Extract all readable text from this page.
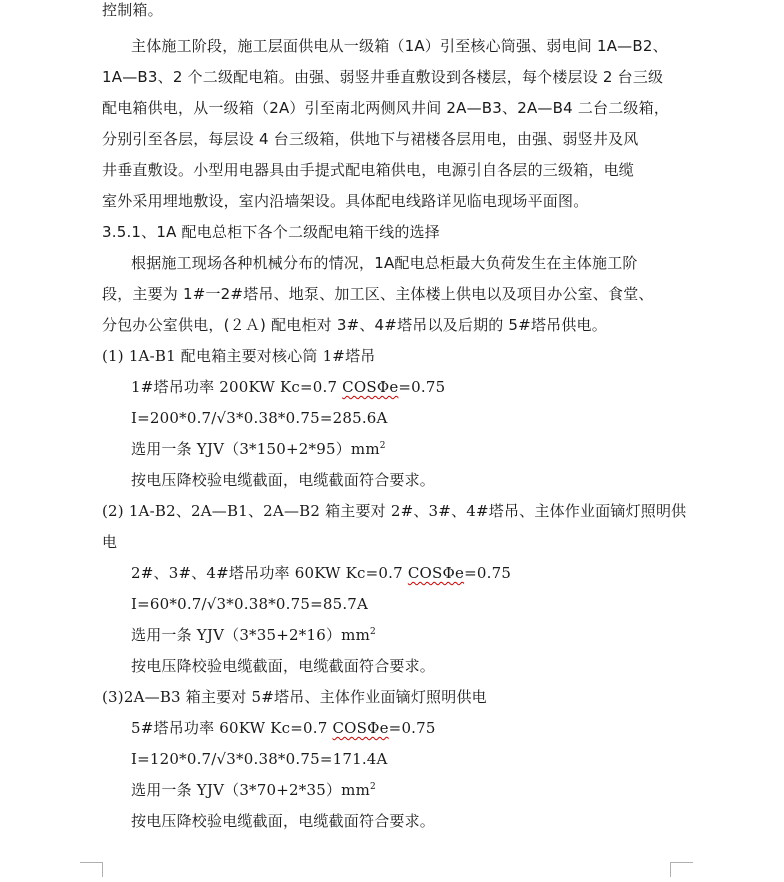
控制箱。
主体施工阶段，施工层面供电从一级箱（1A）引至核心筒强、弱电间 1A—B2、
1A—B3、2 个二级配电箱。由强、弱竖井垂直敷设到各楼层，每个楼层设 2 台三级
配电箱供电，从一级箱（2A）引至南北两侧风井间 2A—B3、2A—B4 二台二级箱，
分别引至各层，每层设 4 台三级箱，供地下与裙楼各层用电，由强、弱竖井及风
井垂直敷设。小型用电器具由手提式配电箱供电，电源引自各层的三级箱，电缆
室外采用埋地敷设，室内沿墙架设。具体配电线路详见临电现场平面图。
3.5.1、1A 配电总柜下各个二级配电箱干线的选择
根据施工现场各种机械分布的情况，1A配电总柜最大负荷发生在主体施工阶
段，主要为 1#一2#塔吊、地泵、加工区、主体楼上供电以及项目办公室、食堂、
分包办公室供电，(２Ａ) 配电柜对 3#、4#塔吊以及后期的 5#塔吊供电。
(1) 1A-B1 配电箱主要对核心筒 1#塔吊
1#塔吊功率 200KW Kc=0.7 COSΦe=0.75
I=200*0.7/√3*0.38*0.75=285.6A
选用一条 $YJV(3*150+2*95)mm^2$
按电压降校验电缆截面，电缆截面符合要求。
(2) 1A-B2、2A—B1、2A—B2 箱主要对 2#、3#、4#塔吊、主体作业面镝灯照明供
电
2#、3#、4#塔吊功率 60KW Kc=0.7 COSΦe=0.75
I=60*0.7/√3*0.38*0.75=85.7A
选用一条 $YJV(3*35+2*16)mm^2$
按电压降校验电缆截面，电缆截面符合要求。
(3)2A—B3 箱主要对 5#塔吊、主体作业面镝灯照明供电
5#塔吊功率 60KW Kc=0.7 COSΦe=0.75
I=120*0.7/√3*0.38*0.75=171.4A
选用一条 $YJV(3*70+2*35)mm^2$
按电压降校验电缆截面，电缆截面符合要求。
